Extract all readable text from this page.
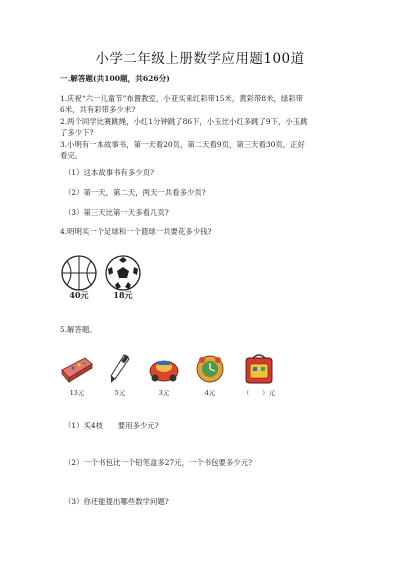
小学二年级上册数学应用题100道
一.解答题(共100题，共626分)
1.庆祝“六一儿童节”布置教室，小亚买来红彩带15米，黄彩带8米，绿彩带
6米，共有彩带多少米?
2.两个同学比赛跳绳，小红1分钟跳了86下，小玉比小红多跳了9下，小玉跳
了多少下?
3.小明有一本故事书，第一天看20页，第二天看9页，第三天看30页，正好
看完。
（1）这本故事书有多少页?
（2）第一天，第二天，两天一共看多少页?
（3）第三天比第一天多看几页?
4.明明买一个足球和一个篮球一共要花多少钱?
40元	18元
5.解答题。
13元	5元	3元	4元	（　　）元
（1）买4枝　　要用多少元?
（2）一个书包比一个铅笔盒多27元，一个书包要多少元?
（3）你还能提出哪些数学问题?
